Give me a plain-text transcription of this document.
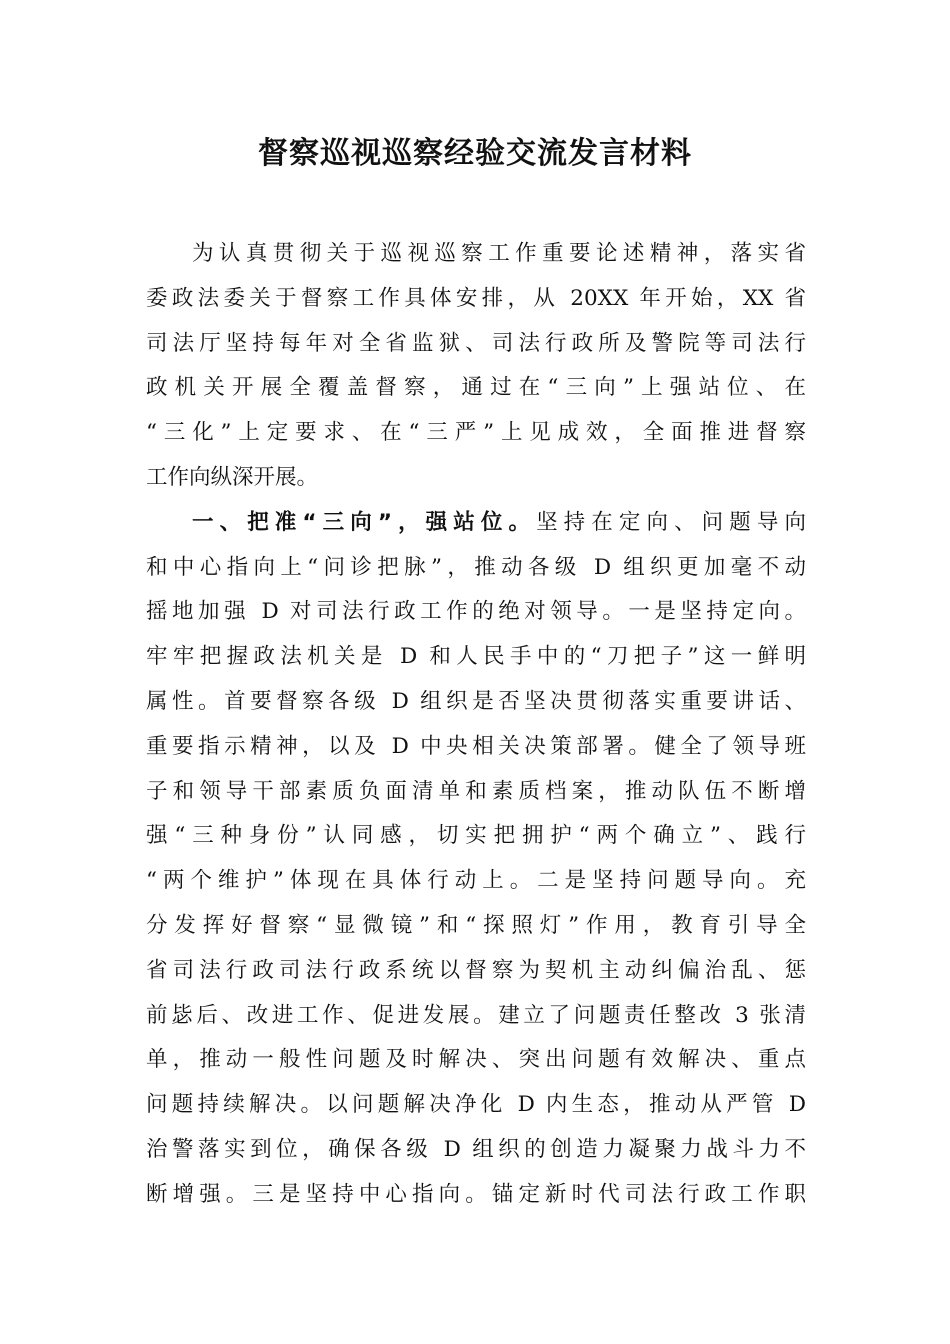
督察巡视巡察经验交流发言材料
为认真贯彻关于巡视巡察工作重要论述精神，落实省
委政法委关于督察工作具体安排，从 20XX 年开始，XX 省
司法厅坚持每年对全省监狱、司法行政所及警院等司法行
政机关开展全覆盖督察，通过在“三向”上强站位、在
“三化”上定要求、在“三严”上见成效，全面推进督察
工作向纵深开展。
一、把准“三向”，强站位。坚持在定向、问题导向
和中心指向上“问诊把脉”，推动各级 D 组织更加毫不动
摇地加强 D 对司法行政工作的绝对领导。一是坚持定向。
牢牢把握政法机关是 D 和人民手中的“刀把子”这一鲜明
属性。首要督察各级 D 组织是否坚决贯彻落实重要讲话、
重要指示精神，以及 D 中央相关决策部署。健全了领导班
子和领导干部素质负面清单和素质档案，推动队伍不断增
强“三种身份”认同感，切实把拥护“两个确立”、践行
“两个维护”体现在具体行动上。二是坚持问题导向。充
分发挥好督察“显微镜”和“探照灯”作用，教育引导全
省司法行政司法行政系统以督察为契机主动纠偏治乱、惩
前毖后、改进工作、促进发展。建立了问题责任整改 3 张清
单，推动一般性问题及时解决、突出问题有效解决、重点
问题持续解决。以问题解决净化 D 内生态，推动从严管 D
治警落实到位，确保各级 D 组织的创造力凝聚力战斗力不
断增强。三是坚持中心指向。锚定新时代司法行政工作职
